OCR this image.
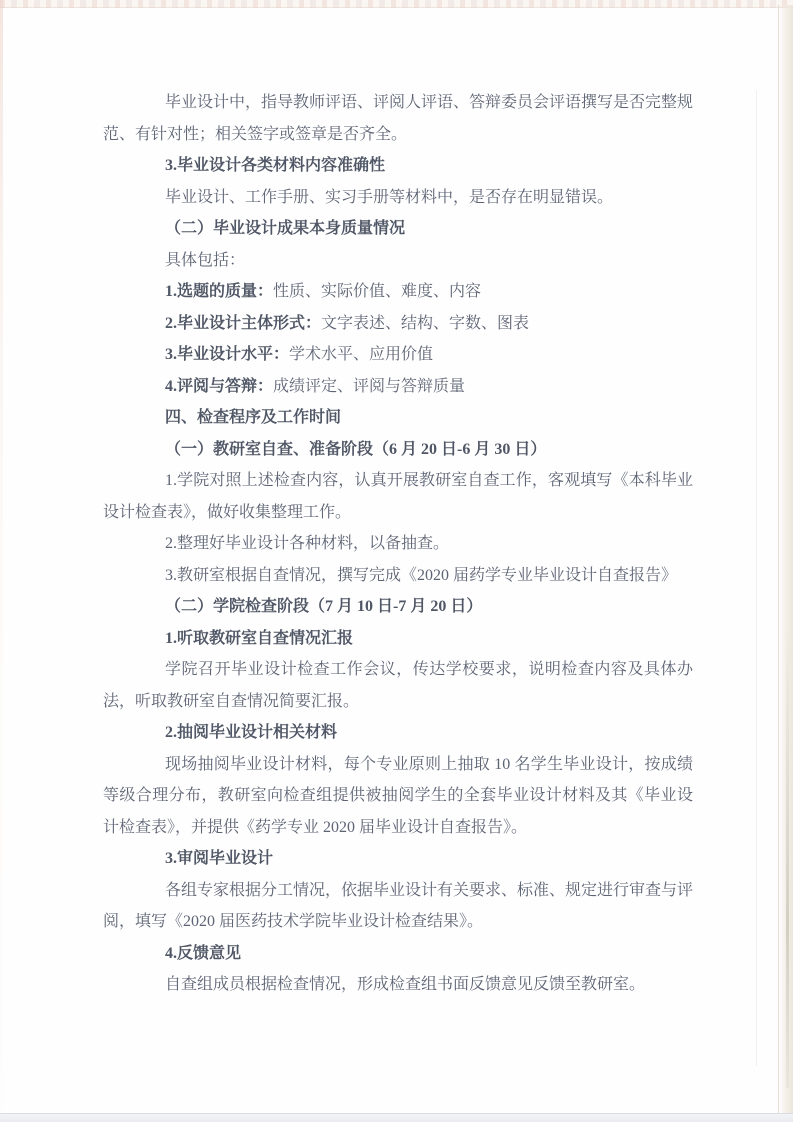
毕业设计中，指导教师评语、评阅人评语、答辩委员会评语撰写是否完整规范、有针对性；相关签字或签章是否齐全。

3.毕业设计各类材料内容准确性

毕业设计、工作手册、实习手册等材料中，是否存在明显错误。

（二）毕业设计成果本身质量情况

具体包括：

1.选题的质量：性质、实际价值、难度、内容

2.毕业设计主体形式：文字表述、结构、字数、图表

3.毕业设计水平：学术水平、应用价值

4.评阅与答辩：成绩评定、评阅与答辩质量

四、检查程序及工作时间

（一）教研室自查、准备阶段（6 月 20 日-6 月 30 日）

1.学院对照上述检查内容，认真开展教研室自查工作，客观填写《本科毕业设计检查表》，做好收集整理工作。

2.整理好毕业设计各种材料，以备抽查。

3.教研室根据自查情况，撰写完成《2020 届药学专业毕业设计自查报告》

（二）学院检查阶段（7 月 10 日-7 月 20 日）

1.听取教研室自查情况汇报

学院召开毕业设计检查工作会议，传达学校要求，说明检查内容及具体办法，听取教研室自查情况简要汇报。

2.抽阅毕业设计相关材料

现场抽阅毕业设计材料，每个专业原则上抽取 10 名学生毕业设计，按成绩等级合理分布，教研室向检查组提供被抽阅学生的全套毕业设计材料及其《毕业设计检查表》，并提供《药学专业 2020 届毕业设计自查报告》。

3.审阅毕业设计

各组专家根据分工情况，依据毕业设计有关要求、标准、规定进行审查与评阅，填写《2020 届医药技术学院毕业设计检查结果》。

4.反馈意见

自查组成员根据检查情况，形成检查组书面反馈意见反馈至教研室。
